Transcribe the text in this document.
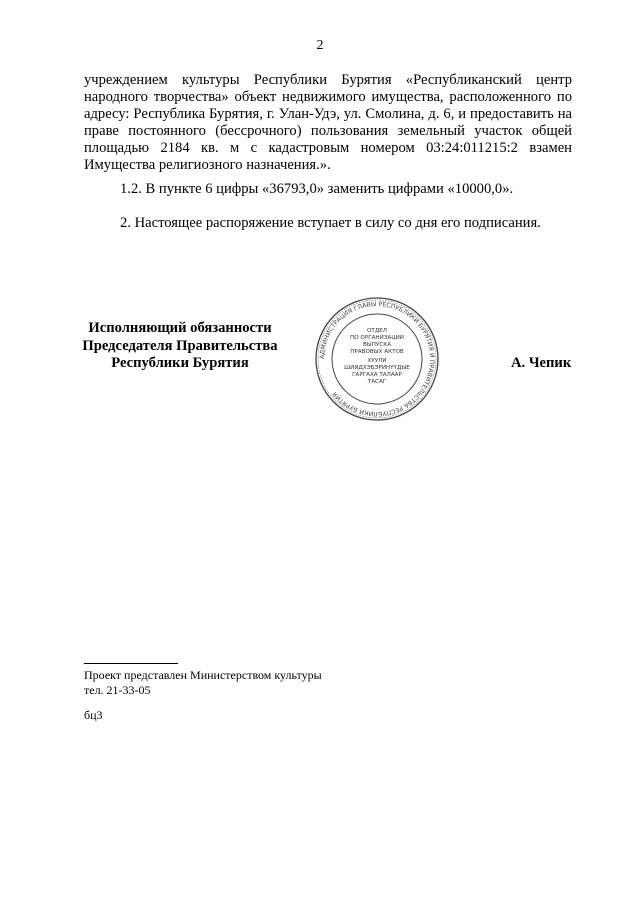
2
учреждением культуры Республики Бурятия «Республиканский центр народного творчества» объект недвижимого имущества, расположенного по адресу: Республика Бурятия, г. Улан-Удэ, ул. Смолина, д. 6, и предоставить на праве постоянного (бессрочного) пользования земельный участок общей площадью 2184 кв. м с кадастровым номером 03:24:011215:2 взамен Имущества религиозного назначения.».
1.2. В пункте 6 цифры «36793,0» заменить цифрами «10000,0».
2. Настоящее распоряжение вступает в силу со дня его подписания.
Исполняющий обязанности
Председателя Правительства
Республики Бурятия	АДМИНИСТРАЦИЯ ГЛАВЫ РЕСПУБЛИКИ БУРЯТИЯ И ПРАВИТЕЛЬСТВА РЕСПУБЛИКИ БУРЯТИЯ
ОТДЕЛ
ПО ОРГАНИЗАЦИИ
ВЫПУСКА
ПРАВОВЫХ АКТОВ
ХУУЛИ
ШИИДХЭБЭРИНҮҮДЫЕ
ГАРГАХА ТАЛААР
ТАСАГ
А. Чепик
Проект представлен Министерством культуры
тел. 21-33-05
бц3
